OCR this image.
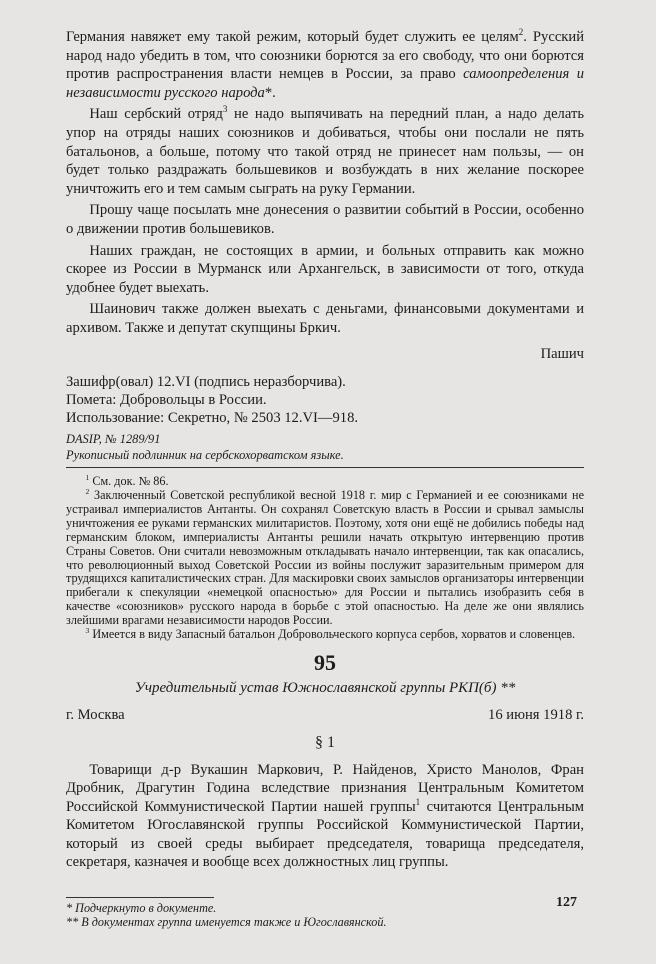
Германия навяжет ему такой режим, который будет служить ее целям$^2$. Русский народ надо убедить в том, что союзники борются за его свободу, что они борются против распространения власти немцев в России, за право самоопределения и независимости русского народа*.

Наш сербский отряд$^3$ не надо выпячивать на передний план, а надо делать упор на отряды наших союзников и добиваться, чтобы они послали не пять батальонов, а больше, потому что такой отряд не принесет нам пользы, — он будет только раздражать большевиков и возбуждать в них желание поскорее уничтожить его и тем самым сыграть на руку Германии.

Прошу чаще посылать мне донесения о развитии событий в России, особенно о движении против большевиков.

Наших граждан, не состоящих в армии, и больных отправить как можно скорее из России в Мурманск или Архангельск, в зависимости от того, откуда удобнее будет выехать.

Шаинович также должен выехать с деньгами, финансовыми документами и архивом. Также и депутат скупщины Бркич.

Пашич
Зашифр(овал) 12.VI (подпись неразборчива).
Помета: Добровольцы в России.
Использование: Секретно, № 2503 12.VI—918.
DASIP, № 1289/91
Рукописный подлинник на сербскохорватском языке.

$^1$ См. док. № 86.

$^2$ Заключенный Советской республикой весной 1918 г. мир с Германией и ее союзниками не устраивал империалистов Антанты. Он сохранял Советскую власть в России и срывал замыслы уничтожения ее руками германских милитаристов. Поэтому, хотя они ещё не добились победы над германским блоком, империалисты Антанты решили начать открытую интервенцию против Страны Советов. Они считали невозможным откладывать начало интервенции, так как опасались, что революционный выход Советской России из войны послужит заразительным примером для трудящихся капиталистических стран. Для маскировки своих замыслов организаторы интервенции прибегали к спекуляции «немецкой опасностью» для России и пытались изобразить себя в качестве «союзников» русского народа в борьбе с этой опасностью. На деле же они являлись злейшими врагами независимости народов России.

$^3$ Имеется в виду Запасный батальон Добровольческого корпуса сербов, хорватов и словенцев.

95
Учредительный устав Южнославянской группы РКП(б) **
г. Москва	16 июня 1918 г.
§ 1

Товарищи д-р Вукашин Маркович, Р. Найденов, Христо Манолов, Фран Дробник, Драгутин Година вследствие признания Центральным Комитетом Российской Коммунистической Партии нашей группы$^1$ считаются Центральным Комитетом Югославянской группы Российской Коммунистической Партии, который из своей среды выбирает председателя, товарища председателя, секретаря, казначея и вообще всех должностных лиц группы.

* Подчеркнуто в документе.
** В документах группа именуется также и Югославянской.
127
